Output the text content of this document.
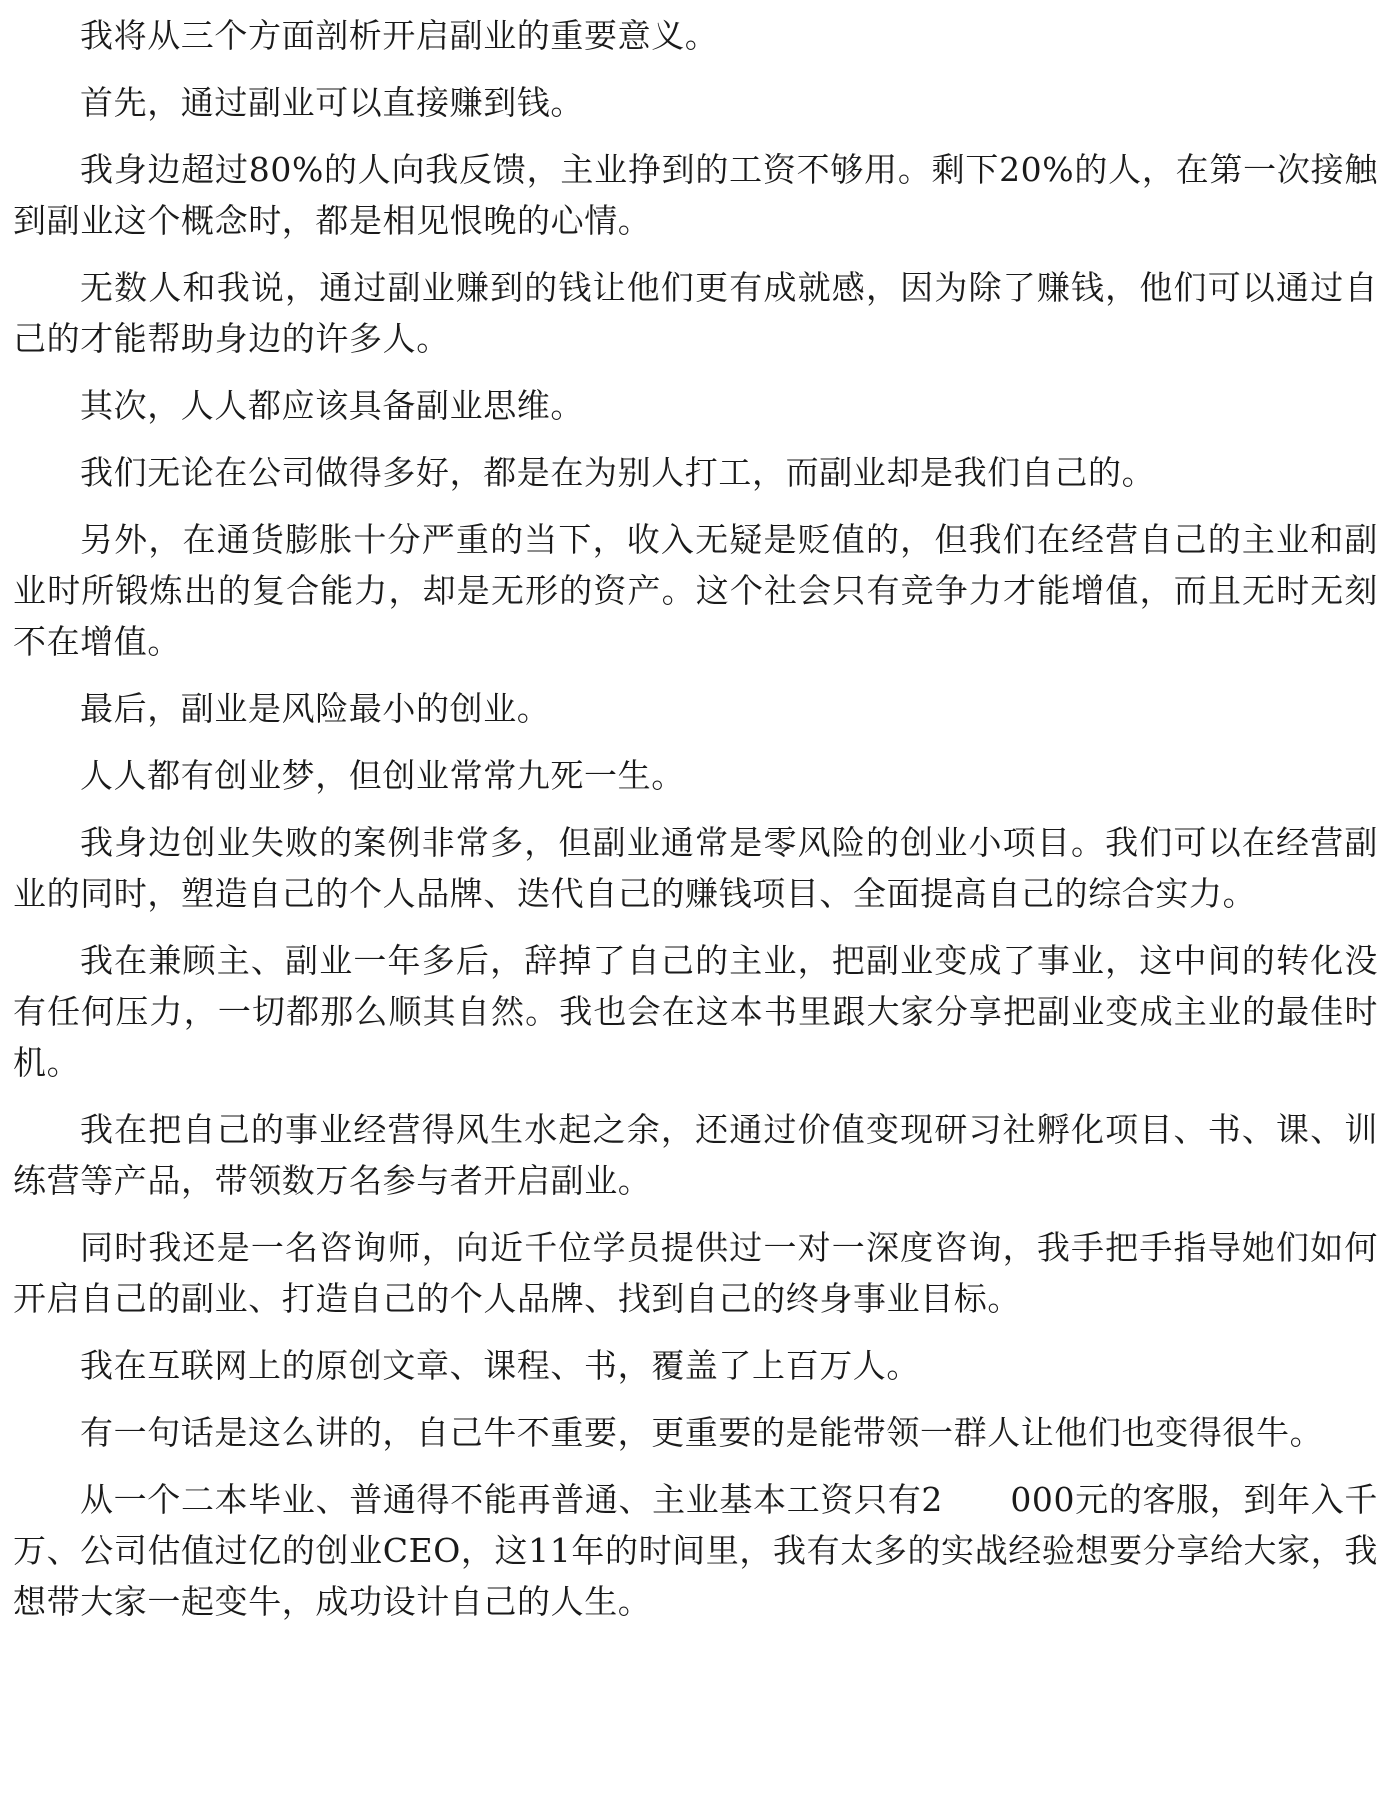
我将从三个方面剖析开启副业的重要意义。

首先，通过副业可以直接赚到钱。

我身边超过80%的人向我反馈，主业挣到的工资不够用。剩下20%的人，在第一次接触到副业这个概念时，都是相见恨晚的心情。

无数人和我说，通过副业赚到的钱让他们更有成就感，因为除了赚钱，他们可以通过自己的才能帮助身边的许多人。

其次，人人都应该具备副业思维。

我们无论在公司做得多好，都是在为别人打工，而副业却是我们自己的。

另外，在通货膨胀十分严重的当下，收入无疑是贬值的，但我们在经营自己的主业和副业时所锻炼出的复合能力，却是无形的资产。这个社会只有竞争力才能增值，而且无时无刻不在增值。

最后，副业是风险最小的创业。

人人都有创业梦，但创业常常九死一生。

我身边创业失败的案例非常多，但副业通常是零风险的创业小项目。我们可以在经营副业的同时，塑造自己的个人品牌、迭代自己的赚钱项目、全面提高自己的综合实力。

我在兼顾主、副业一年多后，辞掉了自己的主业，把副业变成了事业，这中间的转化没有任何压力，一切都那么顺其自然。我也会在这本书里跟大家分享把副业变成主业的最佳时机。

我在把自己的事业经营得风生水起之余，还通过价值变现研习社孵化项目、书、课、训练营等产品，带领数万名参与者开启副业。

同时我还是一名咨询师，向近千位学员提供过一对一深度咨询，我手把手指导她们如何开启自己的副业、打造自己的个人品牌、找到自己的终身事业目标。

我在互联网上的原创文章、课程、书，覆盖了上百万人。

有一句话是这么讲的，自己牛不重要，更重要的是能带领一群人让他们也变得很牛。

从一个二本毕业、普通得不能再普通、主业基本工资只有2　　000元的客服，到年入千万、公司估值过亿的创业CEO，这11年的时间里，我有太多的实战经验想要分享给大家，我想带大家一起变牛，成功设计自己的人生。
